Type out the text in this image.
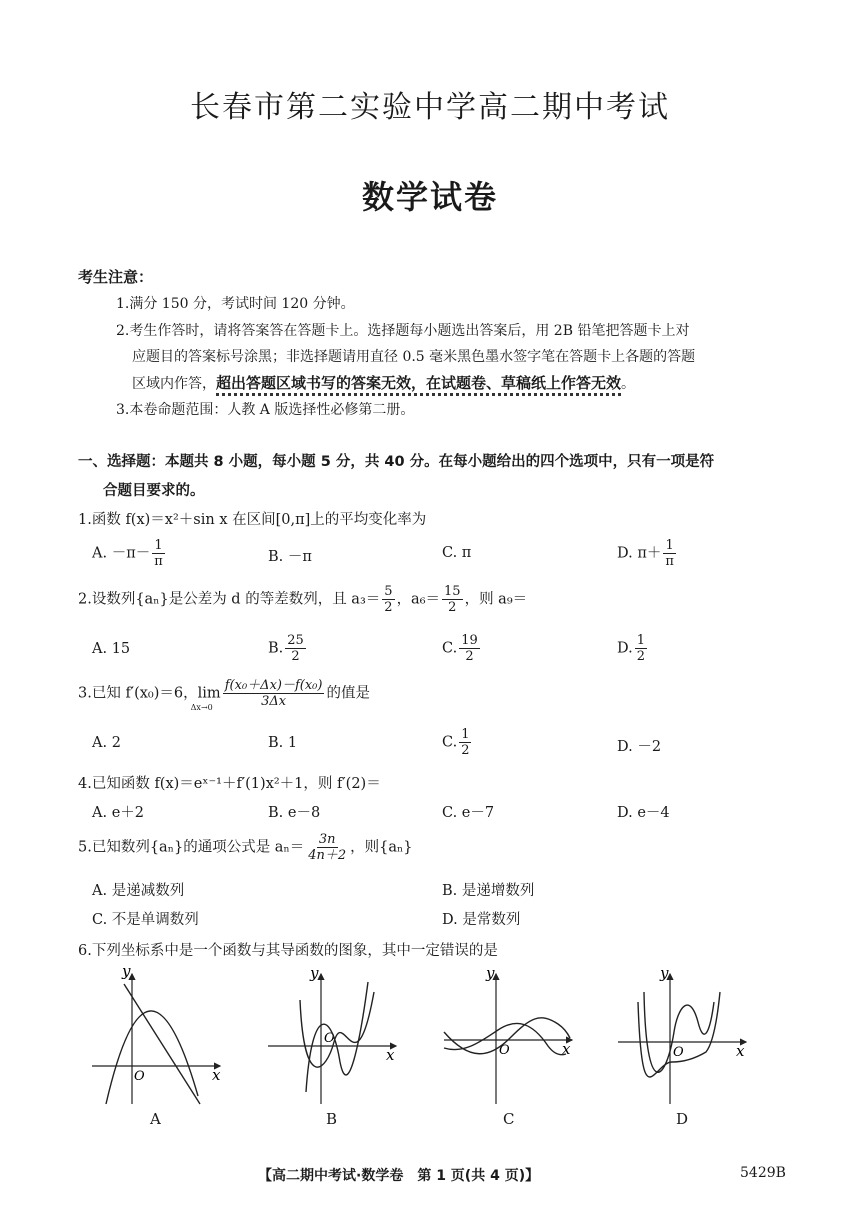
长春市第二实验中学高二期中考试
数学试卷
考生注意：
1.满分 150 分，考试时间 120 分钟。
2.考生作答时，请将答案答在答题卡上。选择题每小题选出答案后，用 2B 铅笔把答题卡上对
应题目的答案标号涂黑；非选择题请用直径 0.5 毫米黑色墨水签字笔在答题卡上各题的答题
区域内作答，超出答题区域书写的答案无效，在试题卷、草稿纸上作答无效。
3.本卷命题范围：人教 A 版选择性必修第二册。
一、选择题：本题共 8 小题，每小题 5 分，共 40 分。在每小题给出的四个选项中，只有一项是符
合题目要求的。
1.函数 f(x)＝x²＋sin x 在区间[0,π]上的平均变化率为
A. $-\pi- \frac{1}{\pi}$	B. －π	C. π	D. $\pi+ \frac{1}{\pi}$
2.设数列{aₙ}是公差为 d 的等差数列，且 $a_3= \frac{5}{2}$ ，$a_6= \frac{15}{2}$ ，则 a₉＝
A. 15	B. $\frac{25}{2}$	C. $\frac{19}{2}$	D. $\frac{1}{2}$
3.已知 f′(x₀)＝6，$\lim_{\Delta x\to 0} \frac{\text{f(x₀＋Δx)－f(x₀)}}{3\Delta x}$ 的值是
A. 2	B. 1	C. $\frac{1}{2}$	D. －2
4.已知函数 f(x)＝eˣ⁻¹＋f′(1)x²＋1，则 f′(2)＝
A. e＋2	B. e－8	C. e－7	D. e－4
5.已知数列{aₙ}的通项公式是 $a_n= \frac{3n}{4n+2}$ ，则{aₙ}
A. 是递减数列	B. 是递增数列
C. 不是单调数列	D. 是常数列
6.下列坐标系中是一个函数与其导函数的图象，其中一定错误的是
y
x
O
A
y
x
O
B
y
x
O
C
y
x
O
D
【高二期中考试·数学卷　第 1 页(共 4 页)】	5429B
